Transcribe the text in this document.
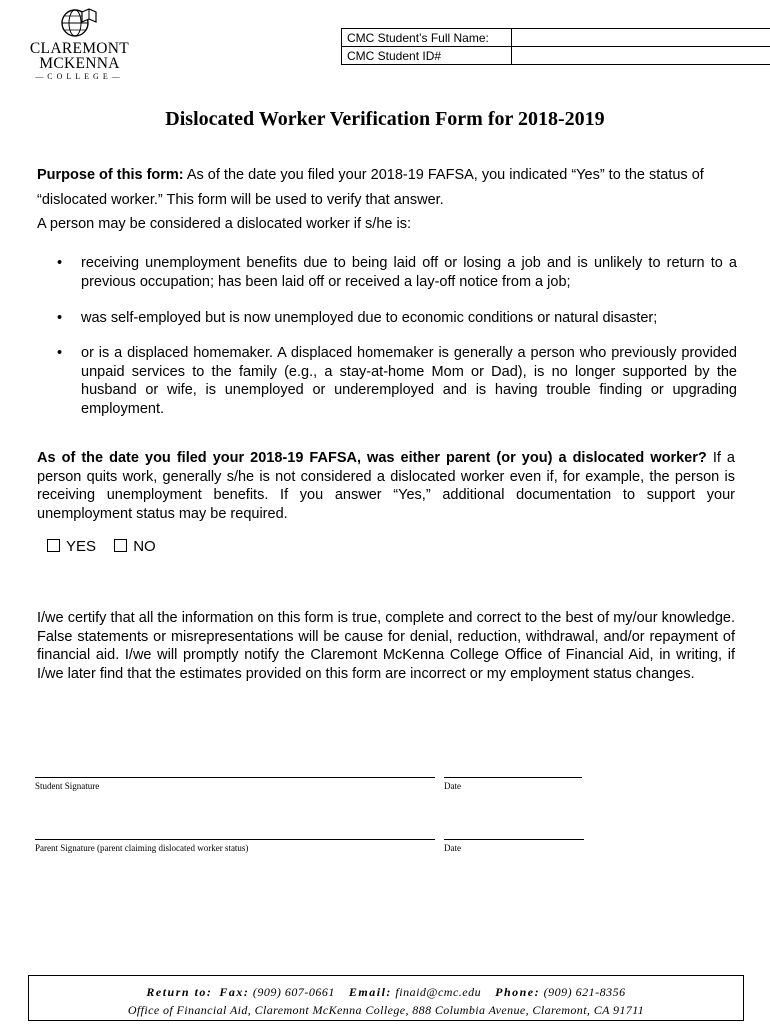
CLAREMONT
MCKENNA
—COLLEGE—
CMC Student’s Full Name:	
CMC Student ID#	
Dislocated Worker Verification Form for 2018-2019
Purpose of this form: As of the date you filed your 2018-19 FAFSA, you indicated “Yes” to the status of “dislocated worker.” This form will be used to verify that answer.
A person may be considered a dislocated worker if s/he is:
• receiving unemployment benefits due to being laid off or losing a job and is unlikely to return to a previous occupation; has been laid off or received a lay-off notice from a job;
• was self-employed but is now unemployed due to economic conditions or natural disaster;
• or is a displaced homemaker. A displaced homemaker is generally a person who previously provided unpaid services to the family (e.g., a stay-at-home Mom or Dad), is no longer supported by the husband or wife, is unemployed or underemployed and is having trouble finding or upgrading employment.
As of the date you filed your 2018-19 FAFSA, was either parent (or you) a dislocated worker? If a person quits work, generally s/he is not considered a dislocated worker even if, for example, the person is receiving unemployment benefits. If you answer “Yes,” additional documentation to support your unemployment status may be required.
YES NO
I/we certify that all the information on this form is true, complete and correct to the best of my/our knowledge. False statements or misrepresentations will be cause for denial, reduction, withdrawal, and/or repayment of financial aid. I/we will promptly notify the Claremont McKenna College Office of Financial Aid, in writing, if I/we later find that the estimates provided on this form are incorrect or my employment status changes.
Student Signature	Date
Parent Signature (parent claiming dislocated worker status)	Date
Return to: Fax: (909) 607-0661 Email: finaid@cmc.edu Phone: (909) 621-8356
Office of Financial Aid, Claremont McKenna College, 888 Columbia Avenue, Claremont, CA 91711
